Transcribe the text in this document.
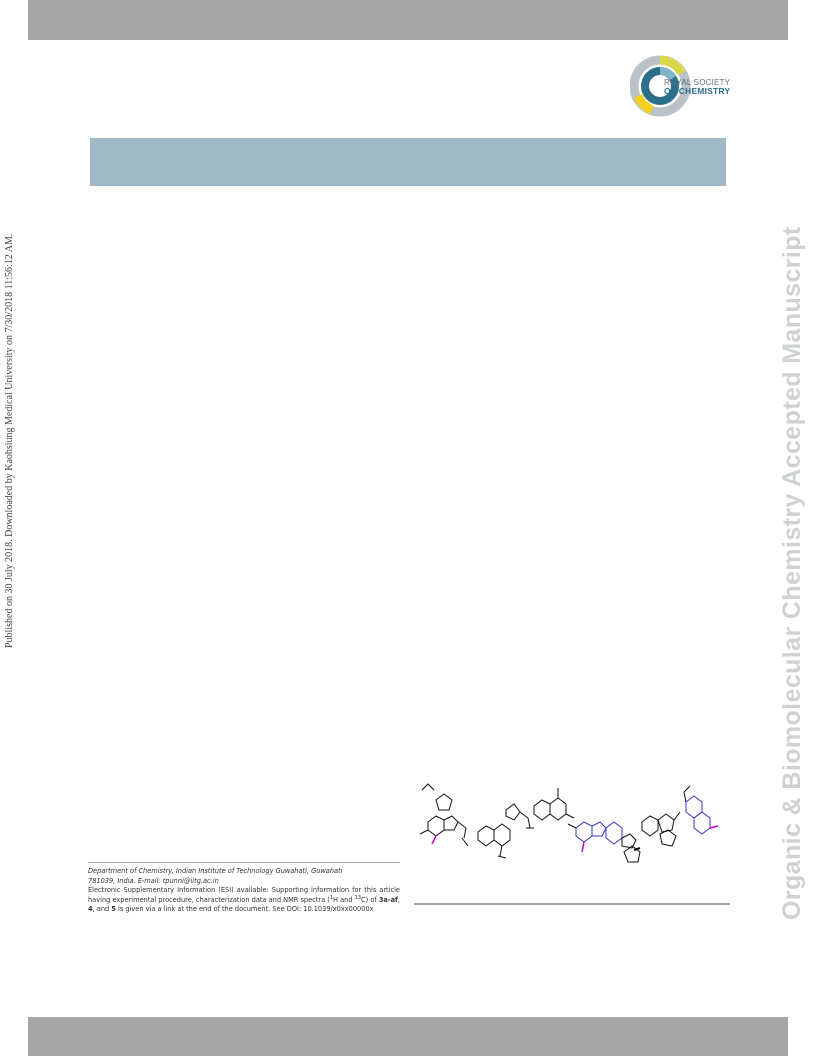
ROYAL SOCIETY
OF CHEMISTRY
Published on 30 July 2018. Downloaded by Kaohsiung Medical University on 7/30/2018 11:56:12 AM.	Organic & Biomolecular Chemistry Accepted Manuscript
Department of Chemistry, Indian Institute of Technology Guwahati, Guwahati
781039, India. E-mail: tpunni@iitg.ac.in
Electronic Supplementary Information (ESI) available: Supporting information for this article having experimental procedure, characterization data and NMR spectra ($^1$H and $^{13}$C) of 3a-af, 4, and 5 is given via a link at the end of the document. See DOI: 10.1039/x0xx00000x
